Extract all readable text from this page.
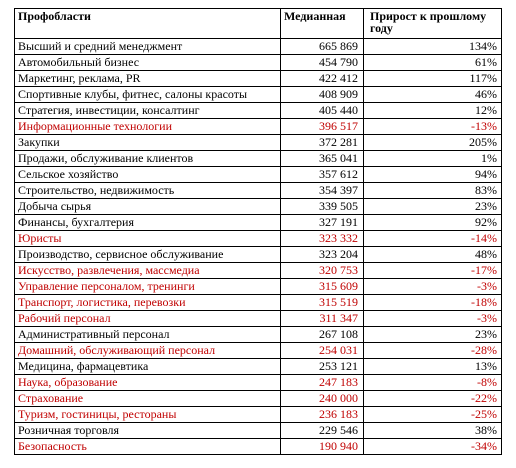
Профобласти	Медианная	Прирост к прошлому году
Высший и средний менеджмент	665 869	134%
Автомобильный бизнес	454 790	61%
Маркетинг, реклама, PR	422 412	117%
Спортивные клубы, фитнес, салоны красоты	408 909	46%
Стратегия, инвестиции, консалтинг	405 440	12%
Информационные технологии	396 517	-13%
Закупки	372 281	205%
Продажи, обслуживание клиентов	365 041	1%
Сельское хозяйство	357 612	94%
Строительство, недвижимость	354 397	83%
Добыча сырья	339 505	23%
Финансы, бухгалтерия	327 191	92%
Юристы	323 332	-14%
Производство, сервисное обслуживание	323 204	48%
Искусство, развлечения, массмедиа	320 753	-17%
Управление персоналом, тренинги	315 609	-3%
Транспорт, логистика, перевозки	315 519	-18%
Рабочий персонал	311 347	-3%
Административный персонал	267 108	23%
Домашний, обслуживающий персонал	254 031	-28%
Медицина, фармацевтика	253 121	13%
Наука, образование	247 183	-8%
Страхование	240 000	-22%
Туризм, гостиницы, рестораны	236 183	-25%
Розничная торговля	229 546	38%
Безопасность	190 940	-34%
